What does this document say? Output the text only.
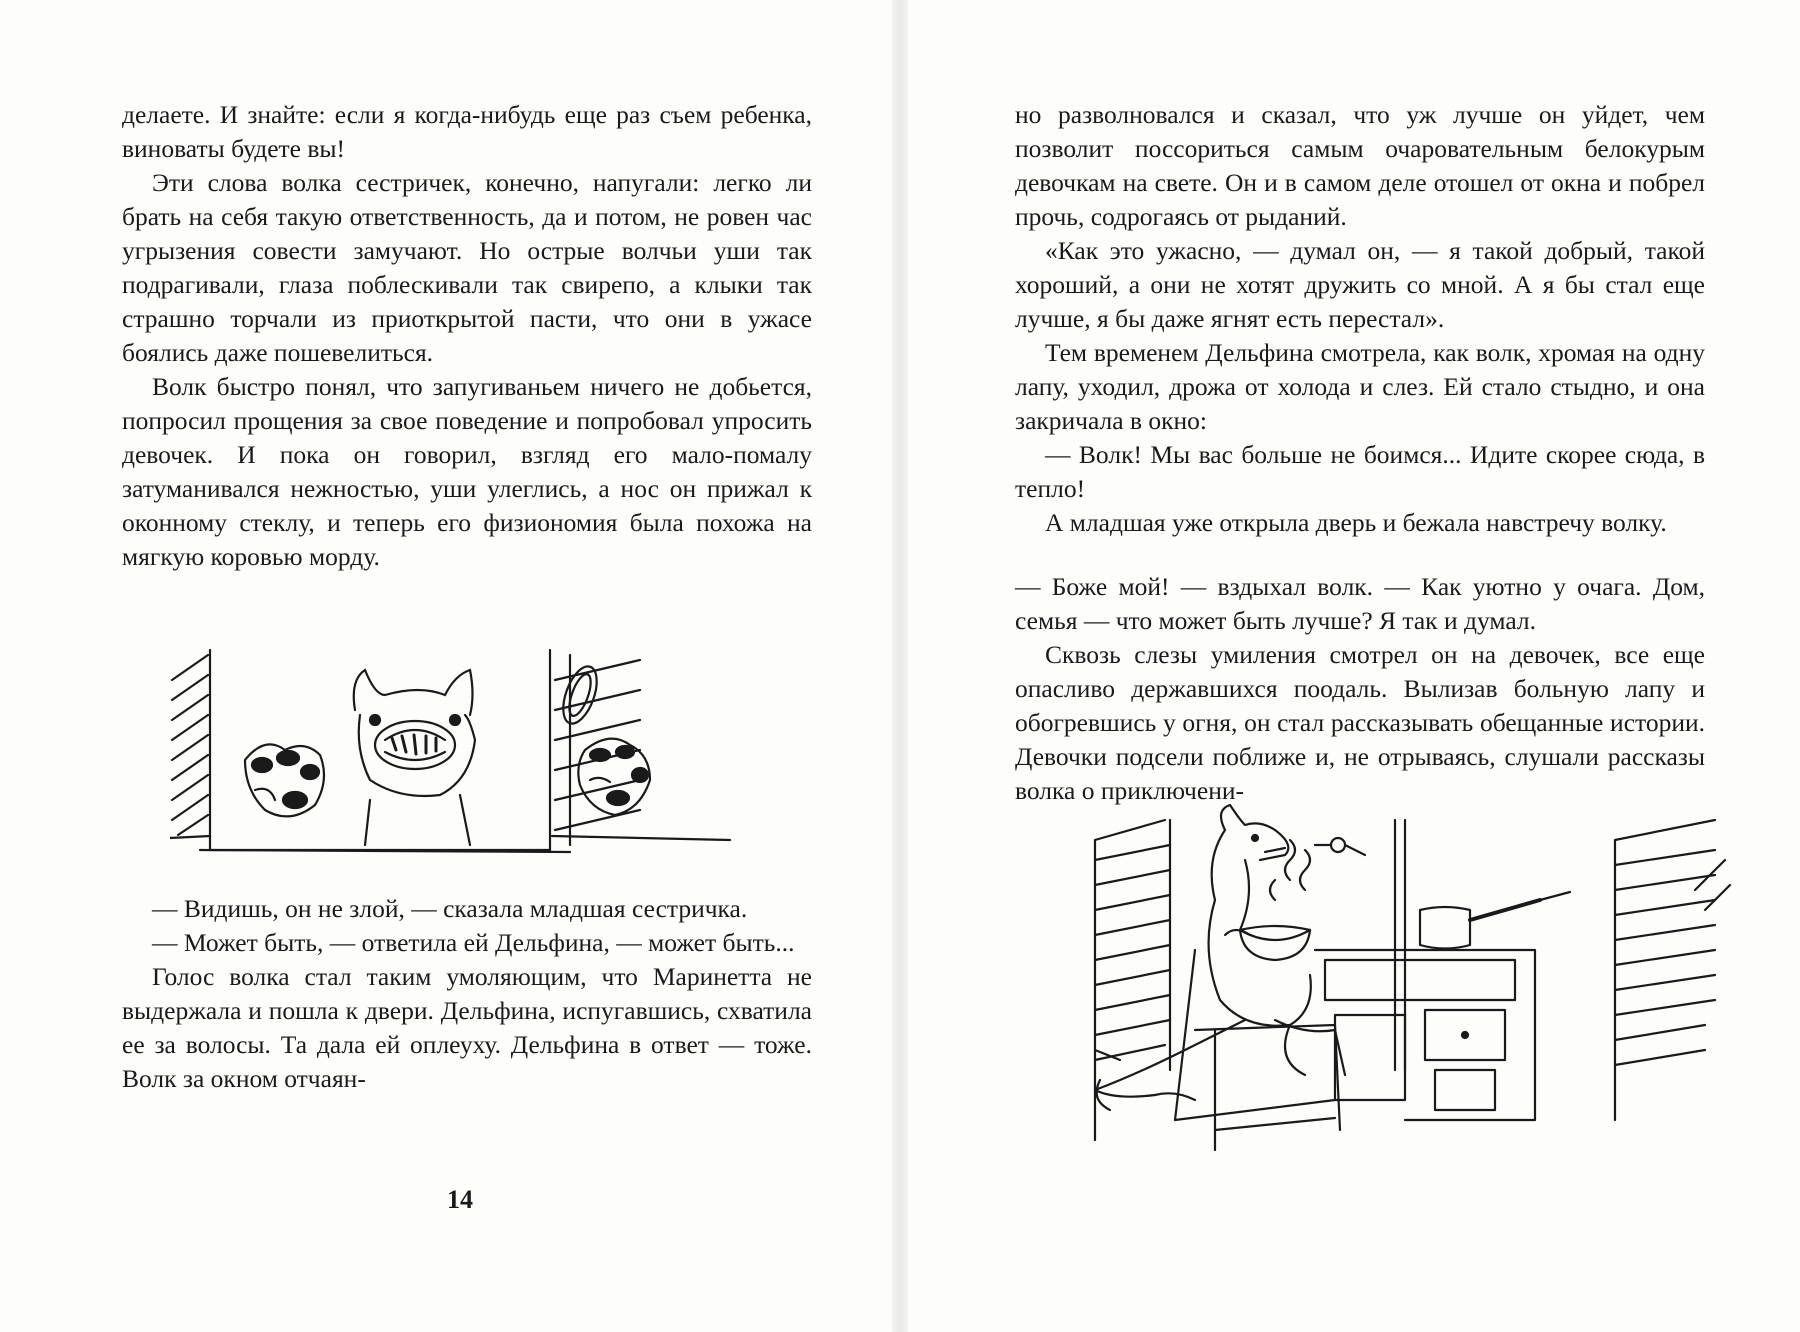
делаете. И знайте: если я когда-нибудь еще раз съем ребенка, виноваты будете вы!

Эти слова волка сестричек, конечно, напугали: легко ли брать на себя такую ответственность, да и потом, не ровен час угрызения совести замучают. Но острые волчьи уши так подрагивали, глаза поблескивали так свирепо, а клыки так страшно торчали из приоткрытой пасти, что они в ужасе боялись даже пошевелиться.

Волк быстро понял, что запугиваньем ничего не добьется, попросил прощения за свое поведение и попробовал упросить девочек. И пока он говорил, взгляд его мало-помалу затуманивался нежностью, уши улеглись, а нос он прижал к оконному стеклу, и теперь его физиономия была похожа на мягкую коровью морду.

— Видишь, он не злой, — сказала младшая сестричка.

— Может быть, — ответила ей Дельфина, — может быть...

Голос волка стал таким умоляющим, что Маринетта не выдержала и пошла к двери. Дельфина, испугавшись, схватила ее за волосы. Та дала ей оплеуху. Дельфина в ответ — тоже. Волк за окном отчаян-

14

но разволновался и сказал, что уж лучше он уйдет, чем позволит поссориться самым очаровательным белокурым девочкам на свете. Он и в самом деле отошел от окна и побрел прочь, содрогаясь от рыданий.

«Как это ужасно, — думал он, — я такой добрый, такой хороший, а они не хотят дружить со мной. А я бы стал еще лучше, я бы даже ягнят есть перестал».

Тем временем Дельфина смотрела, как волк, хромая на одну лапу, уходил, дрожа от холода и слез. Ей стало стыдно, и она закричала в окно:

— Волк! Мы вас больше не боимся... Идите скорее сюда, в тепло!

А младшая уже открыла дверь и бежала навстречу волку.

— Боже мой! — вздыхал волк. — Как уютно у очага. Дом, семья — что может быть лучше? Я так и думал.

Сквозь слезы умиления смотрел он на девочек, все еще опасливо державшихся поодаль. Вылизав больную лапу и обогревшись у огня, он стал рассказывать обещанные истории. Девочки подсели поближе и, не отрываясь, слушали рассказы волка о приключени-
